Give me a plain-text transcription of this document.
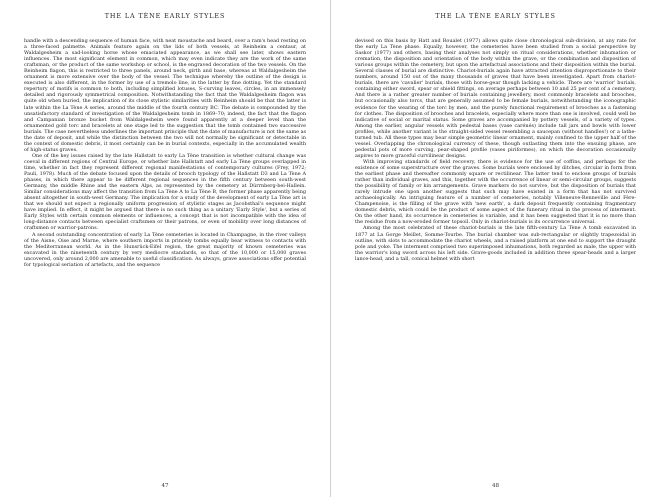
THE LA TÈNE EARLY STYLES

handle with a descending sequence of human face, with neat moustache and beard, over a ram's head resting on a three-faced palmette. Animals feature again on the lids of both vessels, at Reinheim a centaur, at Waldalgesheim a sad-looking horse whose emaciated appearance, as we shall see later, shows eastern influences. The most significant element in common, which may even indicate they are the work of the same craftsman, or the product of the same workshop or school, is the engraved decoration of the two vessels. On the Reinheim flagon, this is restricted to three panels, around neck, girth and base, whereas at Waldalgesheim the ornament is more extensive over the body of the vessel. The technique whereby the outline of the design is executed is also different, in the former by use of a tremolo line, in the latter by fine dotting. Yet the standard repertory of motifs is common to both, including simplified lotuses, S-curving leaves, circles, in an immensely detailed and rigorously symmetrical composition. Notwithstanding the fact that the Waldalgesheim flagon was quite old when buried, the implication of its close stylistic similarities with Reinheim should be that the latter is late within the La Tène A series, around the middle of the fourth century BC. The debate is compounded by the unsatisfactory standard of investigation of the Waldalgesheim tomb in 1869–70; indeed, the fact that the flagon and Campanian bronze bucket from Waldalgesheim were found apparently at a deeper level than the ornamented gold torc and bracelets at one stage led to the suggestion that the tomb contained two successive burials. The case nevertheless underlines the important principle that the date of manufacture is not the same as the date of deposit, and while the distinction between the two will not normally be significant or detectable in the context of domestic debris, it most certainly can be in burial contexts, especially in the accumulated wealth of high-status graves.

One of the key issues raised by the late Hallstatt to early La Tène transition is whether cultural change was coeval in different regions of Central Europe, or whether late Hallstatt and early La Tène groups overlapped in time, whether in fact they represent different regional manifestations of contemporary cultures (Frey, 1972; Pauli, 1978). Much of the debate focused upon the details of brooch typology of the Hallstatt D3 and La Tène A phases, in which there appear to be different regional sequences in the fifth century between south-west Germany, the middle Rhine and the eastern Alps, as represented by the cemetery at Dürrnberg-bei-Hallein. Similar considerations may affect the transition from La Tène A to La Tène B, the former phase apparently being absent altogether in south-west Germany. The implication for a study of the development of early La Tène art is that we should not expect a regionally uniform progression of stylistic stages as Jacobsthal's sequence might have implied. In effect, it might be argued that there is no such thing as a unitary 'Early Style', but a series of Early Styles with certain common elements or influences, a concept that is not incompatible with the idea of long-distance contacts between specialist craftsmen or their patrons, or even of mobility over long distances of craftsmen or warrior-patrons.

A second outstanding concentration of early La Tène cemeteries is located in Champagne, in the river valleys of the Aisne, Oise and Marne, where southern imports in princely tombs equally bear witness to contacts with the Mediterranean world. As in the Hunsrück-Eifel region, the great majority of known cemeteries was excavated in the nineteenth century by very mediocre standards, so that of the 10,000 or 15,000 graves uncovered, only around 2,000 are amenable to useful classification. As always, grave associations offer potential for typological seriation of artefacts, and the sequence

47
THE LA TÈNE EARLY STYLES

devised on this basis by Hatt and Roualet (1977) allows quite close chronological sub-division, at any rate for the early La Tène phase. Equally, however, the cemeteries have been studied from a social perspective by Saskor (1977) and others, basing their analyses not simply on ritual considerations, whether inhumation or cremation, the disposition and orientation of the body within the grave, or the combination and disposition of various groups within the cemetery, but upon the artefactual associations and their disposition within the burial. Several classes of burial are distinctive. Chariot-burials again have attracted attention disproportionate to their numbers, around 150 out of the many thousands of graves that have been investigated. Apart from chariot-burials, there are 'cavalier' burials, those with horse-gear though lacking a vehicle. There are 'warrior' burials, containing either sword, spear or shield fittings, on average perhaps between 10 and 25 per cent of a cemetery. And there is a rather greater number of burials containing jewellery, most commonly bracelets and brooches, but occasionally also torcs, that are generally assumed to be female burials, notwithstanding the iconographic evidence for the wearing of the torc by men, and the purely functional requirement of brooches as a fastening for clothes. The disposition of brooches and bracelets, especially where more than one is involved, could well be indicative of social or marital status. Some graves are accompanied by pottery vessels, of a variety of types. Among the earlier, angular vessels with pedestal bases (vase carénés) include tall jars and bowls with lower profiles, while another variant is the straight-sided vessel resembling a saucepan (without handles!) or a lathe-turned tub. All these types may bear simple geometric linear ornament, mainly confined to the upper half of the vessel. Overlapping the chronological currency of these, though outlasting them into the ensuing phase, are pedestal pots of more curving, pear-shaped profile (vases piriformes), on which the decoration occasionally aspires to more graceful curvilinear designs.

With improving standards of field recovery, there is evidence for the use of coffins, and perhaps for the existence of some superstructure over the graves. Some burials were enclosed by ditches, circular in form from the earliest phase and thereafter commonly square or rectilinear. The latter tend to enclose groups of burials rather than individual graves, and this, together with the occurrence of linear or semi-circular groups, suggests the possibility of family or kin arrangements. Grave markers do not survive, but the disposition of burials that rarely intrude one upon another suggests that such may have existed in a form that has not survived archaeologically. An intriguing feature of a number of cemeteries, notably Villeneuve-Renneville and Fère-Champenoise, is the filling of the grave with 'new earth', a dark deposit frequently containing fragmentary domestic debris, which could be the product of some aspect of the funerary ritual in the process of interment. On the other hand, its occurrence in cemeteries is variable, and it has been suggested that it is no more than the residue from a now-eroded former topsoil. Only in chariot-burials is its occurrence universal.

Among the most celebrated of these chariot-burials is the late fifth-century La Tène A tomb excavated in 1877 at La Gorge Meillet, Somme-Tourbe. The burial chamber was sub-rectangular or slightly trapezoidal in outline, with slots to accommodate the chariot wheels, and a raised platform at one end to support the draught pole and yoke. The interment comprised two superimposed inhumations, both regarded as male, the upper with the warrior's long sword across his left side. Grave-goods included in addition three spear-heads and a larger lance-head, and a tall, conical helmet with short

48
